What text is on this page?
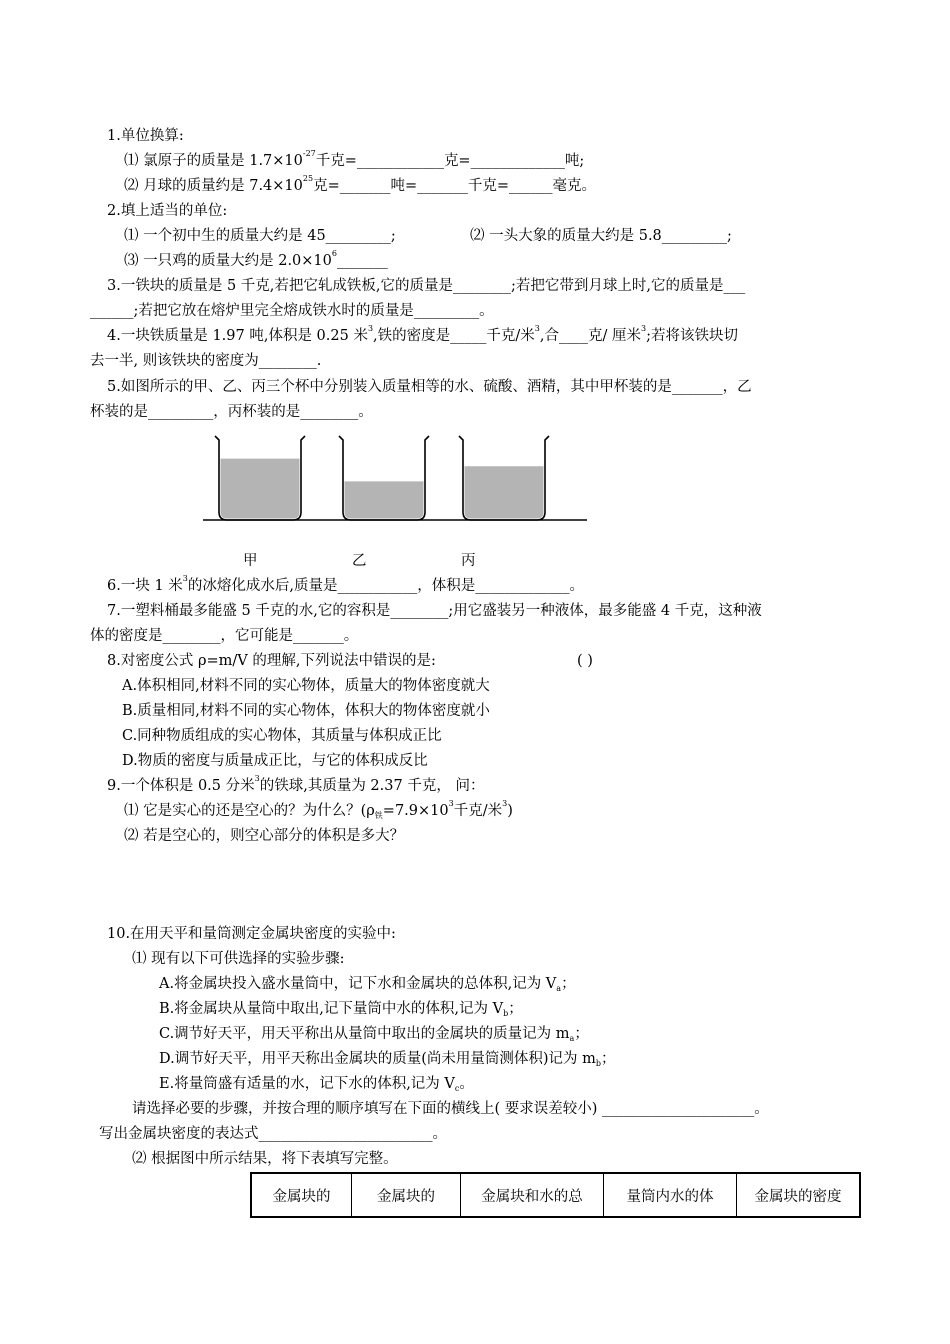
1.单位换算:
⑴ 氯原子的质量是 $1.7\times 10^{-27}$千克=____________克=_____________吨;
⑵ 月球的质量约是 $7.4\times 10^{25}$克=_______吨=_______千克=______毫克。
2.填上适当的单位:
⑴ 一个初中生的质量大约是 45_________;	⑵ 一头大象的质量大约是 5.8_________;
⑶ 一只鸡的质量大约是 $2.0\times 10^6\_\_\_\_\_\_\_$
3.一铁块的质量是 5 千克,若把它轧成铁板,它的质量是________;若把它带到月球上时,它的质量是___
______;若把它放在熔炉里完全熔成铁水时的质量是_________。
4.一块铁质量是 1.97 吨,体积是 0.25 米$^3$,铁的密度是_____千克/米$^3$,合____克/ 厘米$^3$;若将该铁块切
去一半, 则该铁块的密度为________.
5.如图所示的甲、乙、丙三个杯中分别装入质量相等的水、硫酸、酒精，其中甲杯装的是_______，乙
杯装的是_________，丙杯装的是________。
甲	乙	丙
6.一块 1 米$^3$的冰熔化成水后,质量是___________，体积是_____________。
7.一塑料桶最多能盛 5 千克的水,它的容积是________;用它盛装另一种液体，最多能盛 4 千克，这种液
体的密度是________，它可能是_______。
8.对密度公式 ρ=m/V 的理解,下列说法中错误的是:	( )
A.体积相同,材料不同的实心物体，质量大的物体密度就大
B.质量相同,材料不同的实心物体，体积大的物体密度就小
C.同种物质组成的实心物体，其质量与体积成正比
D.物质的密度与质量成正比，与它的体积成反比
9.一个体积是 0.5 分米$^3$的铁球,其质量为 2.37 千克， 问：
⑴ 它是实心的还是空心的？为什么？(ρ铁$=7.9\times 10^3$千克/米$^3$)
⑵ 若是空心的，则空心部分的体积是多大？
10.在用天平和量筒测定金属块密度的实验中:
⑴ 现有以下可供选择的实验步骤:
A.将金属块投入盛水量筒中，记下水和金属块的总体积,记为 Va；
B.将金属块从量筒中取出,记下量筒中水的体积,记为 Vb；
C.调节好天平，用天平称出从量筒中取出的金属块的质量记为 ma；
D.调节好天平，用平天称出金属块的质量(尚未用量筒测体积)记为 mb；
E.将量筒盛有适量的水，记下水的体积,记为 Vc。
请选择必要的步骤，并按合理的顺序填写在下面的横线上( 要求误差较小) _____________________。
写出金属块密度的表达式________________________。
⑵ 根据图中所示结果，将下表填写完整。
金属块的	金属块的	金属块和水的总	量筒内水的体	金属块的密度
